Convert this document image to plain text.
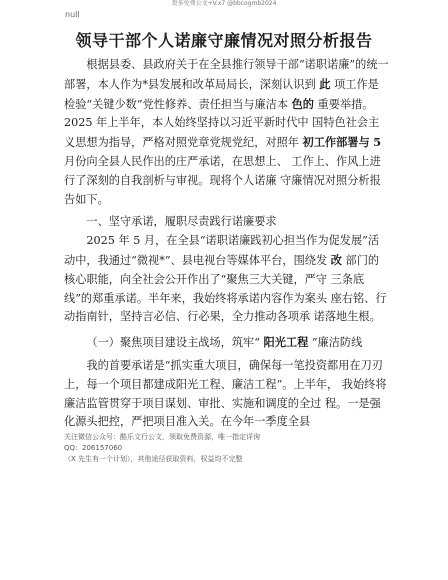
更多免费公文+V.x7 @bbcogmb2024
null
领导干部个人诺廉守廉情况对照分析报告

根据县委、县政府关于在全县推行领导干部“诺职诺廉”的统一部署，本人作为*县发展和改革局局长，深刻认识到 此 项工作是检验“关键少数”党性修养、责任担当与廉洁本 色的 重要举措。 2025 年上半年，本人始终坚持以习近平新时代中 国特色社会主义思想为指导，严格对照党章党规党纪，对照年 初工作部署与 5 月份向全县人民作出的庄严承诺，在思想上、 工作上、作风上进行了深刻的自我剖析与审视。现将个人诺廉 守廉情况对照分析报告如下。

一、坚守承诺，履职尽责践行诺廉要求

2025 年 5 月，在全县“诺职诺廉践初心担当作为促发展”活动中，我通过“微视*”、县电视台等媒体平台，围绕发 改 部门的核心职能，向全社会公开作出了“聚焦三大关键，严守 三条底线”的郑重承诺。半年来，我始终将承诺内容作为案头 座右铭、行动指南针，坚持言必信、行必果，全力推动各项承 诺落地生根。

（一）聚焦项目建设主战场，筑牢“ 阳光工程 ”廉洁防线

我的首要承诺是“抓实重大项目，确保每一笔投资都用在刀刃上，每一个项目都建成阳光工程、廉洁工程”。上半年， 我始终将廉洁监管贯穿于项目谋划、审批、实施和调度的全过 程。一是强化源头把控，严把项目准入关。在今年一季度全县

关注微信公众号：酷乐文行公文，领取免费资源，唯一指定详询
QQ：206157060
（X 先生有一个计划），其他途径获取资料，权益均不完整
